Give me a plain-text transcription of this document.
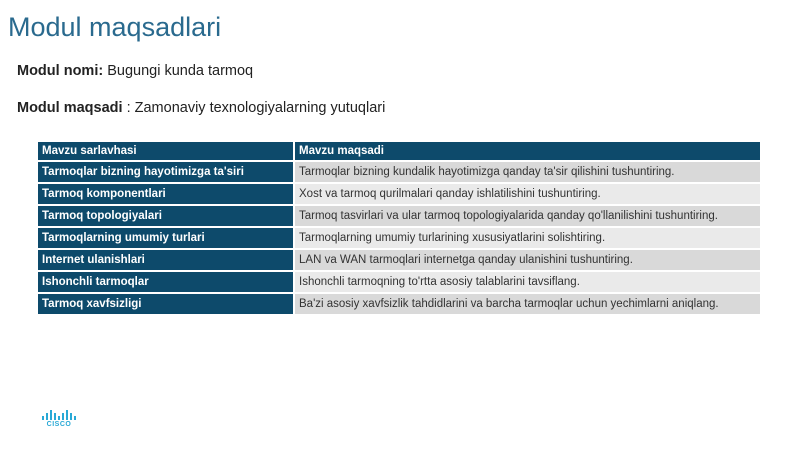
Modul maqsadlari
Modul nomi: Bugungi kunda tarmoq
Modul maqsadi : Zamonaviy texnologiyalarning yutuqlari
Mavzu sarlavhasi	Mavzu maqsadi
Tarmoqlar bizning hayotimizga ta'siri	Tarmoqlar bizning kundalik hayotimizga qanday ta'sir qilishini tushuntiring.
Tarmoq komponentlari	Xost va tarmoq qurilmalari qanday ishlatilishini tushuntiring.
Tarmoq topologiyalari	Tarmoq tasvirlari va ular tarmoq topologiyalarida qanday qo'llanilishini tushuntiring.
Tarmoqlarning umumiy turlari	Tarmoqlarning umumiy turlarining xususiyatlarini solishtiring.
Internet ulanishlari	LAN va WAN tarmoqlari internetga qanday ulanishini tushuntiring.
Ishonchli tarmoqlar	Ishonchli tarmoqning to'rtta asosiy talablarini tavsiflang.
Tarmoq xavfsizligi	Ba'zi asosiy xavfsizlik tahdidlarini va barcha tarmoqlar uchun yechimlarni aniqlang.
CISCO
